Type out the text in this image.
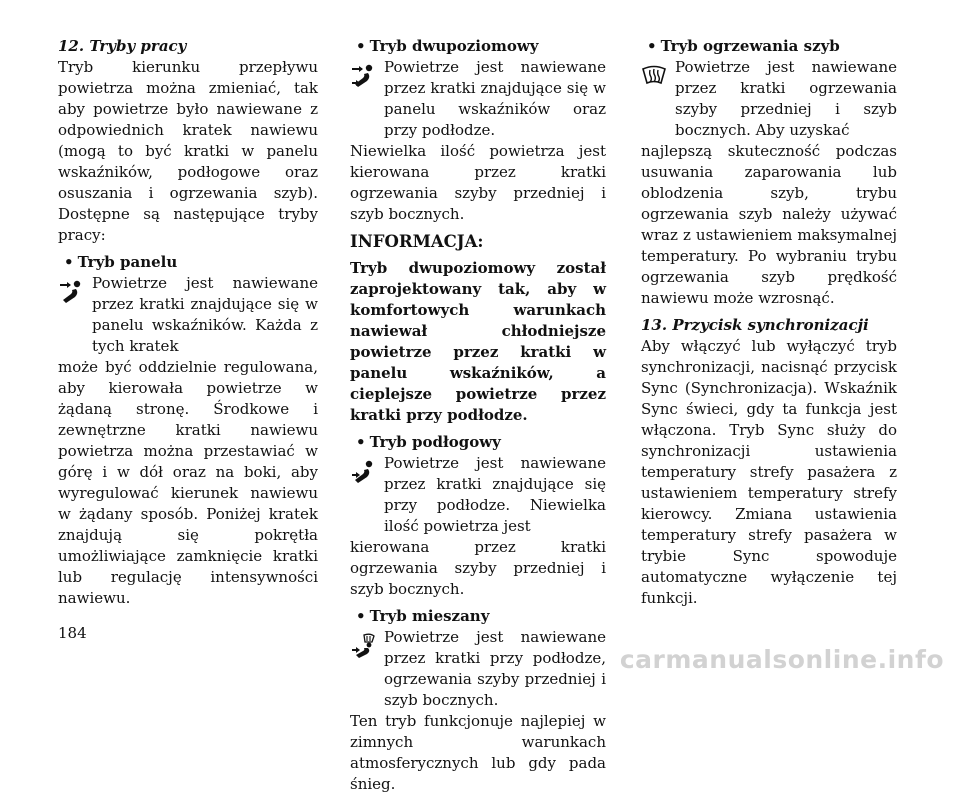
12. Tryby pracy

Tryb kierunku przepływu powietrza można zmieniać, tak aby powietrze było nawiewane z odpowiednich kratek nawiewu (mogą to być kratki w panelu wskaźników, podłogowe oraz osuszania i ogrzewania szyb). Dostępne są następujące tryby pracy:

• Tryb panelu
Powietrze jest nawiewane przez kratki znajdujące się w panelu wskaźników. Każda z tych kratek

może być oddzielnie regulowana, aby kierowała powietrze w żądaną stronę. Środkowe i zewnętrzne kratki nawiewu powietrza można przestawiać w górę i w dół oraz na boki, aby wyregulować kierunek nawiewu w żądany sposób. Poniżej kratek znajdują się pokrętła umożliwiające zamknięcie kratki lub regulację intensywności nawiewu.

• Tryb dwupoziomowy
Powietrze jest nawiewane przez kratki znajdujące się w panelu wskaźników oraz przy podłodze.

Niewielka ilość powietrza jest kierowana przez kratki ogrzewania szyby przedniej i szyb bocznych.

INFORMACJA:

Tryb dwupoziomowy został zaprojektowany tak, aby w komfortowych warunkach nawiewał chłodniejsze powietrze przez kratki w panelu wskaźników, a cieplejsze powietrze przez kratki przy podłodze.

• Tryb podłogowy
Powietrze jest nawiewane przez kratki znajdujące się przy podłodze. Niewielka ilość powietrza jest

kierowana przez kratki ogrzewania szyby przedniej i szyb bocznych.

• Tryb mieszany
Powietrze jest nawiewane przez kratki przy podłodze, ogrzewania szyby przedniej i szyb bocznych.

Ten tryb funkcjonuje najlepiej w zimnych warunkach atmosferycznych lub gdy pada śnieg.

• Tryb ogrzewania szyb
Powietrze jest nawiewane przez kratki ogrzewania szyby przedniej i szyb bocznych. Aby uzyskać

najlepszą skuteczność podczas usuwania zaparowania lub oblodzenia szyb, trybu ogrzewania szyb należy używać wraz z ustawieniem maksymalnej temperatury. Po wybraniu trybu ogrzewania szyb prędkość nawiewu może wzrosnąć.

13. Przycisk synchronizacji

Aby włączyć lub wyłączyć tryb synchronizacji, nacisnąć przycisk Sync (Synchronizacja). Wskaźnik Sync świeci, gdy ta funkcja jest włączona. Tryb Sync służy do synchronizacji ustawienia temperatury strefy pasażera z ustawieniem temperatury strefy kierowcy. Zmiana ustawienia temperatury strefy pasażera w trybie Sync spowoduje automatyczne wyłączenie tej funkcji.

184
carmanualsonline.info
